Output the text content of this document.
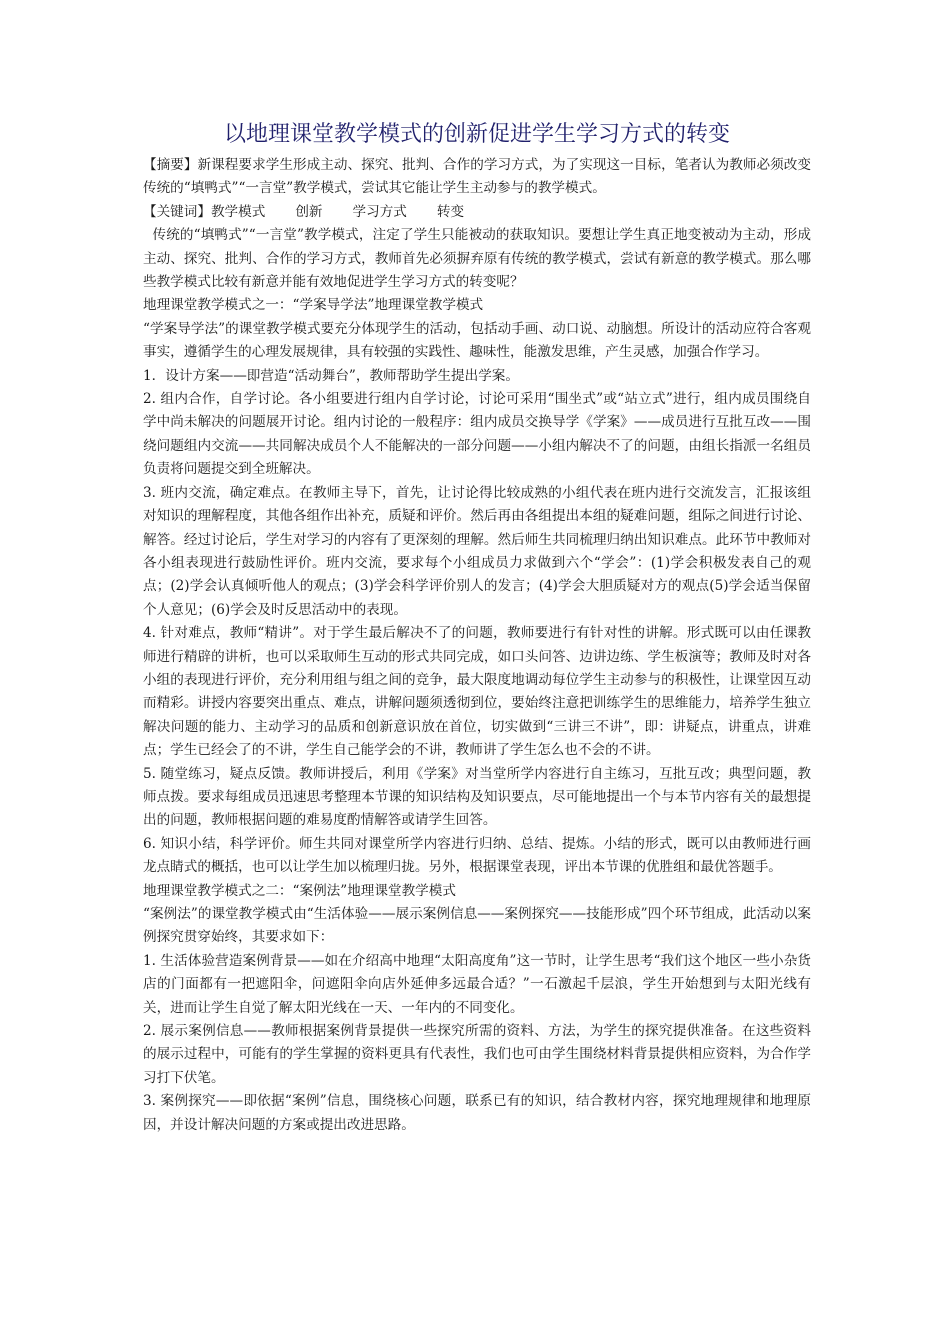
以地理课堂教学模式的创新促进学生学习方式的转变

【摘要】新课程要求学生形成主动、探究、批判、合作的学习方式，为了实现这一目标，笔者认为教师必须改变传统的“填鸭式”“一言堂”教学模式，尝试其它能让学生主动参与的教学模式。

【关键词】教学模式 创新 学习方式 转变

传统的“填鸭式”“一言堂”教学模式，注定了学生只能被动的获取知识。要想让学生真正地变被动为主动，形成主动、探究、批判、合作的学习方式，教师首先必须摒弃原有传统的教学模式，尝试有新意的教学模式。那么哪些教学模式比较有新意并能有效地促进学生学习方式的转变呢？

地理课堂教学模式之一：“学案导学法”地理课堂教学模式

“学案导学法”的课堂教学模式要充分体现学生的活动，包括动手画、动口说、动脑想。所设计的活动应符合客观事实，遵循学生的心理发展规律，具有较强的实践性、趣味性，能激发思维，产生灵感，加强合作学习。

1．设计方案——即营造“活动舞台”，教师帮助学生提出学案。

2. 组内合作，自学讨论。各小组要进行组内自学讨论，讨论可采用“围坐式”或“站立式”进行，组内成员围绕自学中尚未解决的问题展开讨论。组内讨论的一般程序：组内成员交换导学《学案》——成员进行互批互改——围绕问题组内交流——共同解决成员个人不能解决的一部分问题——小组内解决不了的问题，由组长指派一名组员负责将问题提交到全班解决。

3. 班内交流，确定难点。在教师主导下，首先，让讨论得比较成熟的小组代表在班内进行交流发言，汇报该组对知识的理解程度，其他各组作出补充，质疑和评价。然后再由各组提出本组的疑难问题，组际之间进行讨论、解答。经过讨论后，学生对学习的内容有了更深刻的理解。然后师生共同梳理归纳出知识难点。此环节中教师对各小组表现进行鼓励性评价。班内交流，要求每个小组成员力求做到六个“学会”：(1)学会积极发表自己的观点；(2)学会认真倾听他人的观点；(3)学会科学评价别人的发言；(4)学会大胆质疑对方的观点(5)学会适当保留个人意见；(6)学会及时反思活动中的表现。

4. 针对难点，教师“精讲”。对于学生最后解决不了的问题，教师要进行有针对性的讲解。形式既可以由任课教师进行精辟的讲析，也可以采取师生互动的形式共同完成，如口头问答、边讲边练、学生板演等；教师及时对各小组的表现进行评价，充分利用组与组之间的竞争，最大限度地调动每位学生主动参与的积极性，让课堂因互动而精彩。讲授内容要突出重点、难点，讲解问题须透彻到位，要始终注意把训练学生的思维能力，培养学生独立解决问题的能力、主动学习的品质和创新意识放在首位，切实做到“三讲三不讲”，即：讲疑点，讲重点，讲难点；学生已经会了的不讲，学生自己能学会的不讲，教师讲了学生怎么也不会的不讲。

5. 随堂练习，疑点反馈。教师讲授后，利用《学案》对当堂所学内容进行自主练习，互批互改；典型问题，教师点拨。要求每组成员迅速思考整理本节课的知识结构及知识要点，尽可能地提出一个与本节内容有关的最想提出的问题，教师根据问题的难易度酌情解答或请学生回答。

6. 知识小结，科学评价。师生共同对课堂所学内容进行归纳、总结、提炼。小结的形式，既可以由教师进行画龙点睛式的概括，也可以让学生加以梳理归拢。另外，根据课堂表现，评出本节课的优胜组和最优答题手。

地理课堂教学模式之二：“案例法”地理课堂教学模式

“案例法”的课堂教学模式由“生活体验——展示案例信息——案例探究——技能形成”四个环节组成，此活动以案例探究贯穿始终，其要求如下：

1. 生活体验营造案例背景——如在介绍高中地理“太阳高度角”这一节时，让学生思考“我们这个地区一些小杂货店的门面都有一把遮阳伞，问遮阳伞向店外延伸多远最合适？”一石激起千层浪，学生开始想到与太阳光线有关，进而让学生自觉了解太阳光线在一天、一年内的不同变化。

2. 展示案例信息——教师根据案例背景提供一些探究所需的资料、方法，为学生的探究提供准备。在这些资料的展示过程中，可能有的学生掌握的资料更具有代表性，我们也可由学生围绕材料背景提供相应资料，为合作学习打下伏笔。

3. 案例探究——即依据“案例”信息，围绕核心问题，联系已有的知识，结合教材内容，探究地理规律和地理原因，并设计解决问题的方案或提出改进思路。
